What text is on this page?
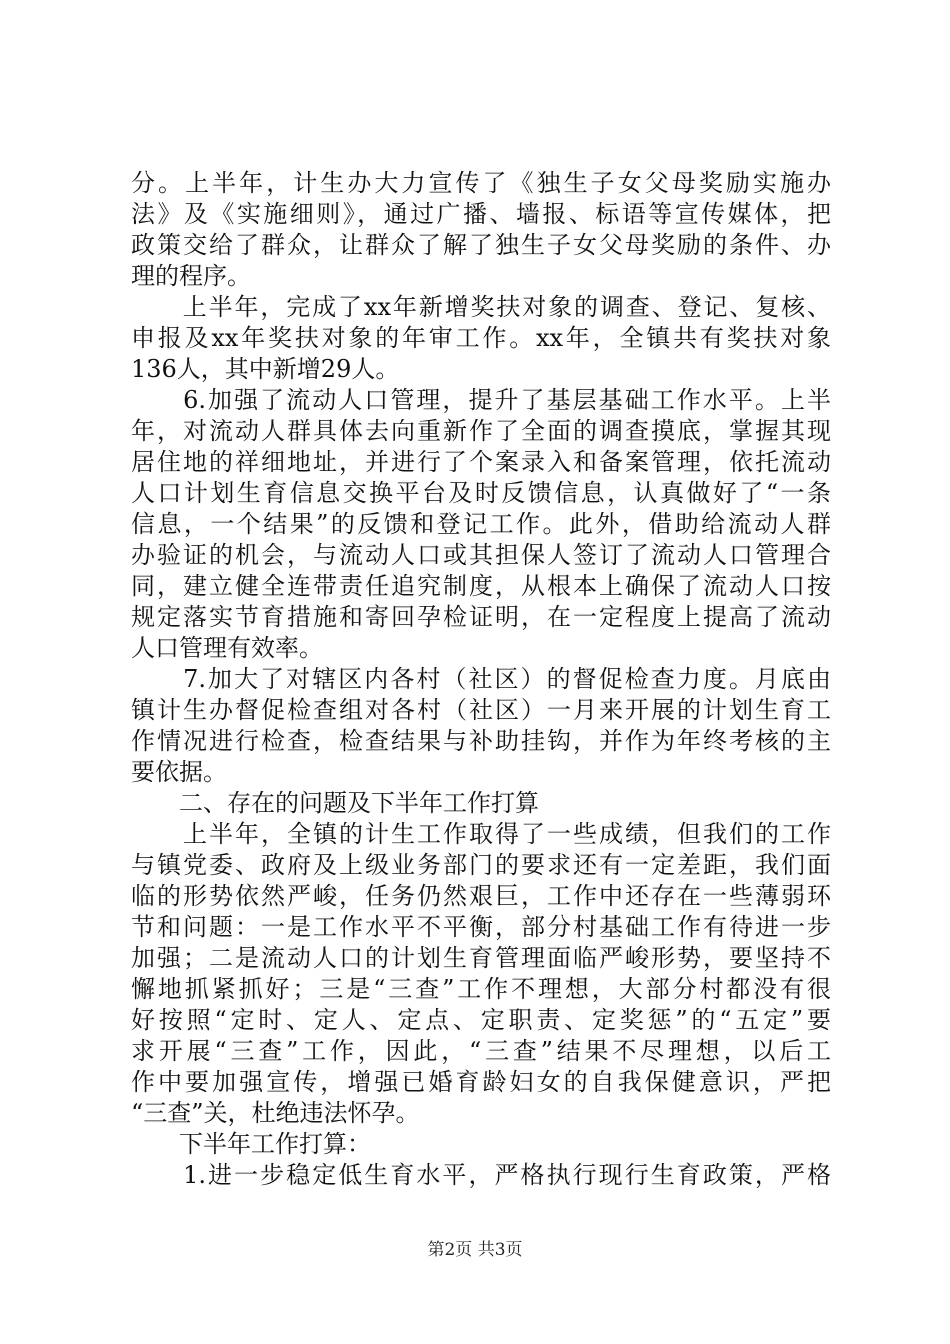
分。上半年，计生办大力宣传了《独生子女父母奖励实施办
法》及《实施细则》，通过广播、墙报、标语等宣传媒体，把
政策交给了群众，让群众了解了独生子女父母奖励的条件、办
理的程序。
　　上半年，完成了xx年新增奖扶对象的调查、登记、复核、
申报及xx年奖扶对象的年审工作。xx年，全镇共有奖扶对象
136人，其中新增29人。
　　6.加强了流动人口管理，提升了基层基础工作水平。上半
年，对流动人群具体去向重新作了全面的调查摸底，掌握其现
居住地的祥细地址，并进行了个案录入和备案管理，依托流动
人口计划生育信息交换平台及时反馈信息，认真做好了“一条
信息，一个结果”的反馈和登记工作。此外，借助给流动人群
办验证的机会，与流动人口或其担保人签订了流动人口管理合
同，建立健全连带责任追究制度，从根本上确保了流动人口按
规定落实节育措施和寄回孕检证明，在一定程度上提高了流动
人口管理有效率。
　　7.加大了对辖区内各村（社区）的督促检查力度。月底由
镇计生办督促检查组对各村（社区）一月来开展的计划生育工
作情况进行检查，检查结果与补助挂钩，并作为年终考核的主
要依据。
　　二、存在的问题及下半年工作打算
　　上半年，全镇的计生工作取得了一些成绩，但我们的工作
与镇党委、政府及上级业务部门的要求还有一定差距，我们面
临的形势依然严峻，任务仍然艰巨，工作中还存在一些薄弱环
节和问题：一是工作水平不平衡，部分村基础工作有待进一步
加强；二是流动人口的计划生育管理面临严峻形势，要坚持不
懈地抓紧抓好；三是“三查”工作不理想，大部分村都没有很
好按照“定时、定人、定点、定职责、定奖惩”的“五定”要
求开展“三查”工作，因此，“三查”结果不尽理想，以后工
作中要加强宣传，增强已婚育龄妇女的自我保健意识，严把
“三查”关，杜绝违法怀孕。
　　下半年工作打算：
　　1.进一步稳定低生育水平，严格执行现行生育政策，严格
第2页 共3页
